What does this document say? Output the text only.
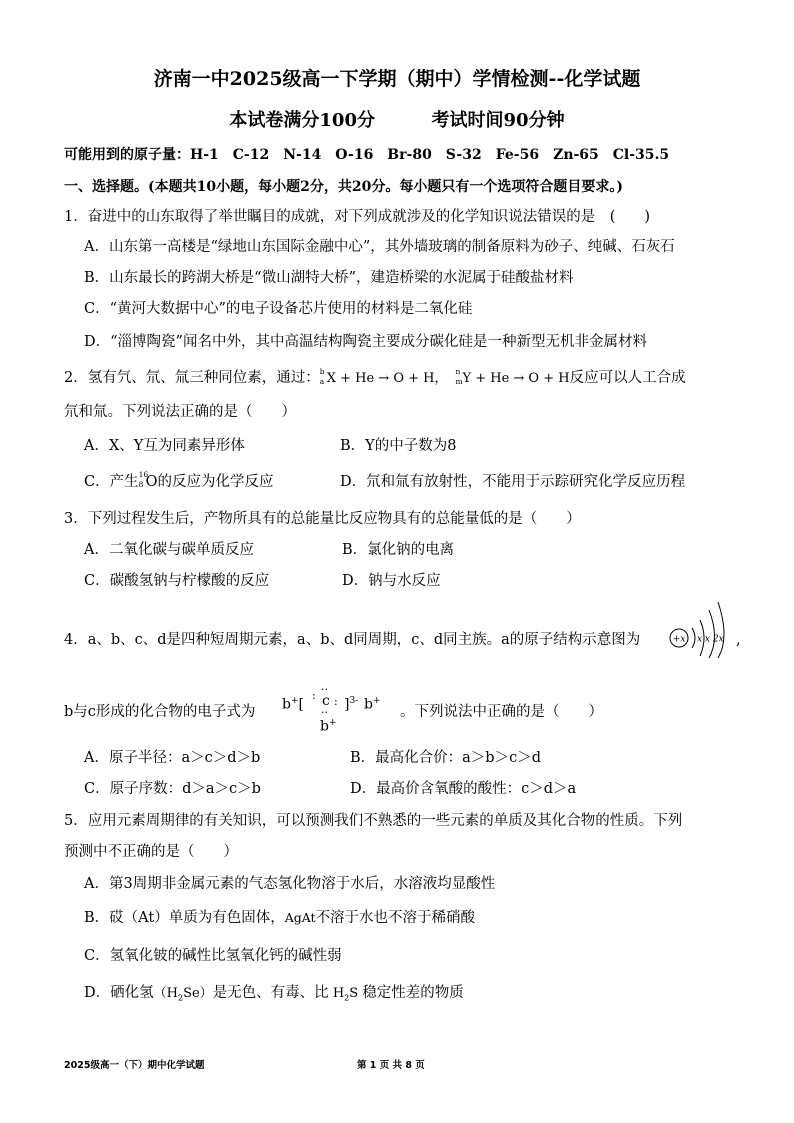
济南一中2025级高一下学期（期中）学情检测--化学试题
本试卷满分100分	考试时间90分钟
可能用到的原子量：H-1　C-12　N-14　O-16　Br-80　S-32　Fe-56　Zn-65　Cl-35.5
一、选择题。(本题共10小题，每小题2分，共20分。每小题只有一个选项符合题目要求。)
1．奋进中的山东取得了举世瞩目的成就，对下列成就涉及的化学知识说法错误的是　(　　)
A．山东第一高楼是“绿地山东国际金融中心”，其外墙玻璃的制备原料为砂子、纯碱、石灰石
B．山东最长的跨湖大桥是“微山湖特大桥”，建造桥梁的水泥属于硅酸盐材料
C．“黄河大数据中心”的电子设备芯片使用的材料是二氧化硅
D．“淄博陶瓷”闻名中外，其中高温结构陶瓷主要成分碳化硅是一种新型无机非金属材料
2．氢有氕、氘、氚三种同位素，通过： b
a X + He → O + H，　 n
m Y + He → O + H反应可以人工合成
氘和氚。下列说法正确的是（　　）
A．X、Y互为同素异形体	B．Y的中子数为8
C．产生 16
8 O的反应为化学反应	D．氘和氚有放射性，不能用于示踪研究化学反应历程
3．下列过程发生后，产物所具有的总能量比反应物具有的总能量低的是（　　）
A．二氧化碳与碳单质反应	B．氯化钠的电离
C．碳酸氢钠与柠檬酸的反应	D．钠与水反应
4．a、b、c、d是四种短周期元素，a、b、d同周期，c、d同主族。a的原子结构示意图为	+x x x 2x ,
b与c形成的化合物的电子式为 b+[
: ··
c
··
: ]$^{3-}$ b+
b+
。下列说法中正确的是（　　）
A．原子半径：a＞c＞d＞b	B．最高化合价：a＞b＞c＞d
C．原子序数：d＞a＞c＞b	D．最高价含氧酸的酸性：c＞d＞a
5．应用元素周期律的有关知识，可以预测我们不熟悉的一些元素的单质及其化合物的性质。下列
预测中不正确的是（　　）
A．第3周期非金属元素的气态氢化物溶于水后，水溶液均显酸性
B．砹（At）单质为有色固体，AgAt不溶于水也不溶于稀硝酸
C．氢氧化铍的碱性比氢氧化钙的碱性弱
D．硒化氢$(H_2Se)$是无色、有毒、比 $H_2S$ 稳定性差的物质
2025级高一（下）期中化学试题	第 1 页 共 8 页
